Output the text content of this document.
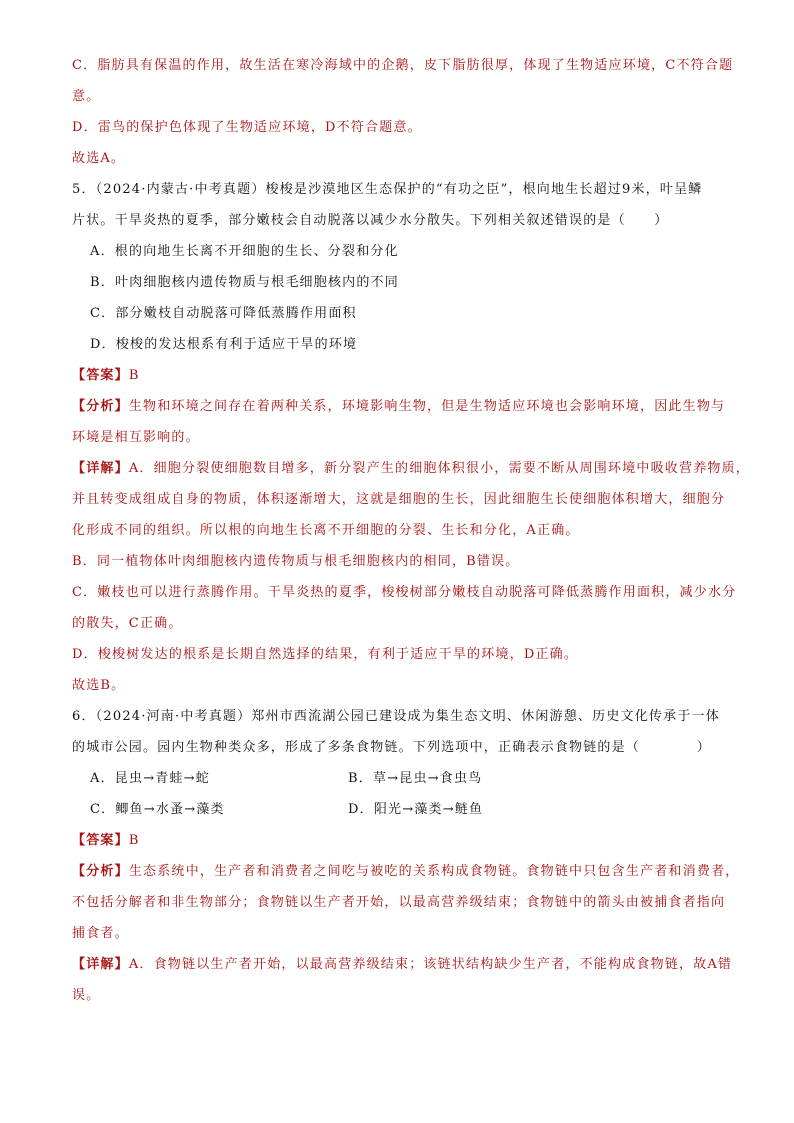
C．脂肪具有保温的作用，故生活在寒冷海域中的企鹅，皮下脂肪很厚，体现了生物适应环境，C不符合题
意。
D．雷鸟的保护色体现了生物适应环境，D不符合题意。
故选A。
5．（2024·内蒙古·中考真题）梭梭是沙漠地区生态保护的“有功之臣”，根向地生长超过9米，叶呈鳞
片状。干旱炎热的夏季，部分嫩枝会自动脱落以减少水分散失。下列相关叙述错误的是（　　）
A．根的向地生长离不开细胞的生长、分裂和分化
B．叶肉细胞核内遗传物质与根毛细胞核内的不同
C．部分嫩枝自动脱落可降低蒸腾作用面积
D．梭梭的发达根系有利于适应干旱的环境
【答案】B
【分析】生物和环境之间存在着两种关系，环境影响生物，但是生物适应环境也会影响环境，因此生物与
环境是相互影响的。
【详解】A．细胞分裂使细胞数目增多，新分裂产生的细胞体积很小，需要不断从周围环境中吸收营养物质，
并且转变成组成自身的物质，体积逐渐增大，这就是细胞的生长，因此细胞生长使细胞体积增大，细胞分
化形成不同的组织。所以根的向地生长离不开细胞的分裂、生长和分化，A正确。
B．同一植物体叶肉细胞核内遗传物质与根毛细胞核内的相同，B错误。
C．嫩枝也可以进行蒸腾作用。干旱炎热的夏季，梭梭树部分嫩枝自动脱落可降低蒸腾作用面积，减少水分
的散失，C正确。
D．梭梭树发达的根系是长期自然选择的结果，有利于适应干旱的环境，D正确。
故选B。
6．（2024·河南·中考真题）郑州市西流湖公园已建设成为集生态文明、休闲游憩、历史文化传承于一体
的城市公园。园内生物种类众多，形成了多条食物链。下列选项中，正确表示食物链的是（　　　　）
A．昆虫→青蛙→蛇	B．草→昆虫→食虫鸟
C．鲫鱼→水蚤→藻类	D．阳光→藻类→鲢鱼
【答案】B
【分析】生态系统中，生产者和消费者之间吃与被吃的关系构成食物链。食物链中只包含生产者和消费者，
不包括分解者和非生物部分；食物链以生产者开始，以最高营养级结束；食物链中的箭头由被捕食者指向
捕食者。
【详解】A．食物链以生产者开始，以最高营养级结束；该链状结构缺少生产者，不能构成食物链，故A错
误。
